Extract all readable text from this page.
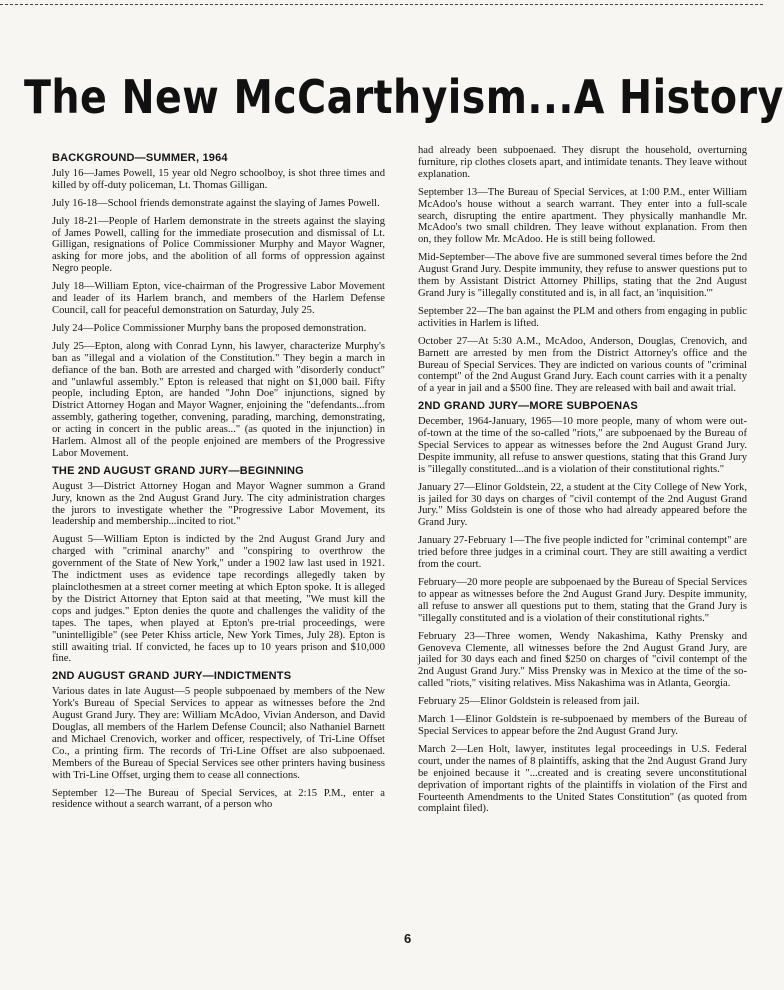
The New McCarthyism...A History
BACKGROUND—SUMMER, 1964

July 16—James Powell, 15 year old Negro schoolboy, is shot three times and killed by off-duty policeman, Lt. Thomas Gilligan.

July 16-18—School friends demonstrate against the slaying of James Powell.

July 18-21—People of Harlem demonstrate in the streets against the slaying of James Powell, calling for the immediate prosecution and dismissal of Lt. Gilligan, resignations of Police Commissioner Murphy and Mayor Wagner, asking for more jobs, and the abolition of all forms of oppression against Negro people.

July 18—William Epton, vice-chairman of the Progressive Labor Movement and leader of its Harlem branch, and members of the Harlem Defense Council, call for peaceful demonstration on Saturday, July 25.

July 24—Police Commissioner Murphy bans the proposed demonstration.

July 25—Epton, along with Conrad Lynn, his lawyer, characterize Murphy's ban as "illegal and a violation of the Constitution." They begin a march in defiance of the ban. Both are arrested and charged with "disorderly conduct" and "unlawful assembly." Epton is released that night on $1,000 bail. Fifty people, including Epton, are handed "John Doe" injunctions, signed by District Attorney Hogan and Mayor Wagner, enjoining the "defendants...from assembly, gathering together, convening, parading, marching, demonstrating, or acting in concert in the public areas..." (as quoted in the injunction) in Harlem. Almost all of the people enjoined are members of the Progressive Labor Movement.

THE 2ND AUGUST GRAND JURY—BEGINNING

August 3—District Attorney Hogan and Mayor Wagner summon a Grand Jury, known as the 2nd August Grand Jury. The city administration charges the jurors to investigate whether the "Progressive Labor Movement, its leadership and membership...incited to riot."

August 5—William Epton is indicted by the 2nd August Grand Jury and charged with "criminal anarchy" and "conspiring to overthrow the government of the State of New York," under a 1902 law last used in 1921. The indictment uses as evidence tape recordings allegedly taken by plainclothesmen at a street corner meeting at which Epton spoke. It is alleged by the District Attorney that Epton said at that meeting, "We must kill the cops and judges." Epton denies the quote and challenges the validity of the tapes. The tapes, when played at Epton's pre-trial proceedings, were "unintelligible" (see Peter Khiss article, New York Times, July 28). Epton is still awaiting trial. If convicted, he faces up to 10 years prison and $10,000 fine.

2ND AUGUST GRAND JURY—INDICTMENTS

Various dates in late August—5 people subpoenaed by members of the New York's Bureau of Special Services to appear as witnesses before the 2nd August Grand Jury. They are: William McAdoo, Vivian Anderson, and David Douglas, all members of the Harlem Defense Council; also Nathaniel Barnett and Michael Crenovich, worker and officer, respectively, of Tri-Line Offset Co., a printing firm. The records of Tri-Line Offset are also subpoenaed. Members of the Bureau of Special Services see other printers having business with Tri-Line Offset, urging them to cease all connections.

September 12—The Bureau of Special Services, at 2:15 P.M., enter a residence without a search warrant, of a person who

had already been subpoenaed. They disrupt the household, overturning furniture, rip clothes closets apart, and intimidate tenants. They leave without explanation.

September 13—The Bureau of Special Services, at 1:00 P.M., enter William McAdoo's house without a search warrant. They enter into a full-scale search, disrupting the entire apartment. They physically manhandle Mr. McAdoo's two small children. They leave without explanation. From then on, they follow Mr. McAdoo. He is still being followed.

Mid-September—The above five are summoned several times before the 2nd August Grand Jury. Despite immunity, they refuse to answer questions put to them by Assistant District Attorney Phillips, stating that the 2nd August Grand Jury is "illegally constituted and is, in all fact, an 'inquisition.'"

September 22—The ban against the PLM and others from engaging in public activities in Harlem is lifted.

October 27—At 5:30 A.M., McAdoo, Anderson, Douglas, Crenovich, and Barnett are arrested by men from the District Attorney's office and the Bureau of Special Services. They are indicted on various counts of "criminal contempt" of the 2nd August Grand Jury. Each count carries with it a penalty of a year in jail and a $500 fine. They are released with bail and await trial.

2ND GRAND JURY—MORE SUBPOENAS

December, 1964-January, 1965—10 more people, many of whom were out-of-town at the time of the so-called "riots," are subpoenaed by the Bureau of Special Services to appear as witnesses before the 2nd August Grand Jury. Despite immunity, all refuse to answer questions, stating that this Grand Jury is "illegally constituted...and is a violation of their constitutional rights."

January 27—Elinor Goldstein, 22, a student at the City College of New York, is jailed for 30 days on charges of "civil contempt of the 2nd August Grand Jury." Miss Goldstein is one of those who had already appeared before the Grand Jury.

January 27-February 1—The five people indicted for "criminal contempt" are tried before three judges in a criminal court. They are still awaiting a verdict from the court.

February—20 more people are subpoenaed by the Bureau of Special Services to appear as witnesses before the 2nd August Grand Jury. Despite immunity, all refuse to answer all questions put to them, stating that the Grand Jury is "illegally constituted and is a violation of their constitutional rights."

February 23—Three women, Wendy Nakashima, Kathy Prensky and Genoveva Clemente, all witnesses before the 2nd August Grand Jury, are jailed for 30 days each and fined $250 on charges of "civil contempt of the 2nd August Grand Jury." Miss Prensky was in Mexico at the time of the so-called "riots," visiting relatives. Miss Nakashima was in Atlanta, Georgia.

February 25—Elinor Goldstein is released from jail.

March 1—Elinor Goldstein is re-subpoenaed by members of the Bureau of Special Services to appear before the 2nd August Grand Jury.

March 2—Len Holt, lawyer, institutes legal proceedings in U.S. Federal court, under the names of 8 plaintiffs, asking that the 2nd August Grand Jury be enjoined because it "...created and is creating severe unconstitutional deprivation of important rights of the plaintiffs in violation of the First and Fourteenth Amendments to the United States Constitution" (as quoted from complaint filed).

6
